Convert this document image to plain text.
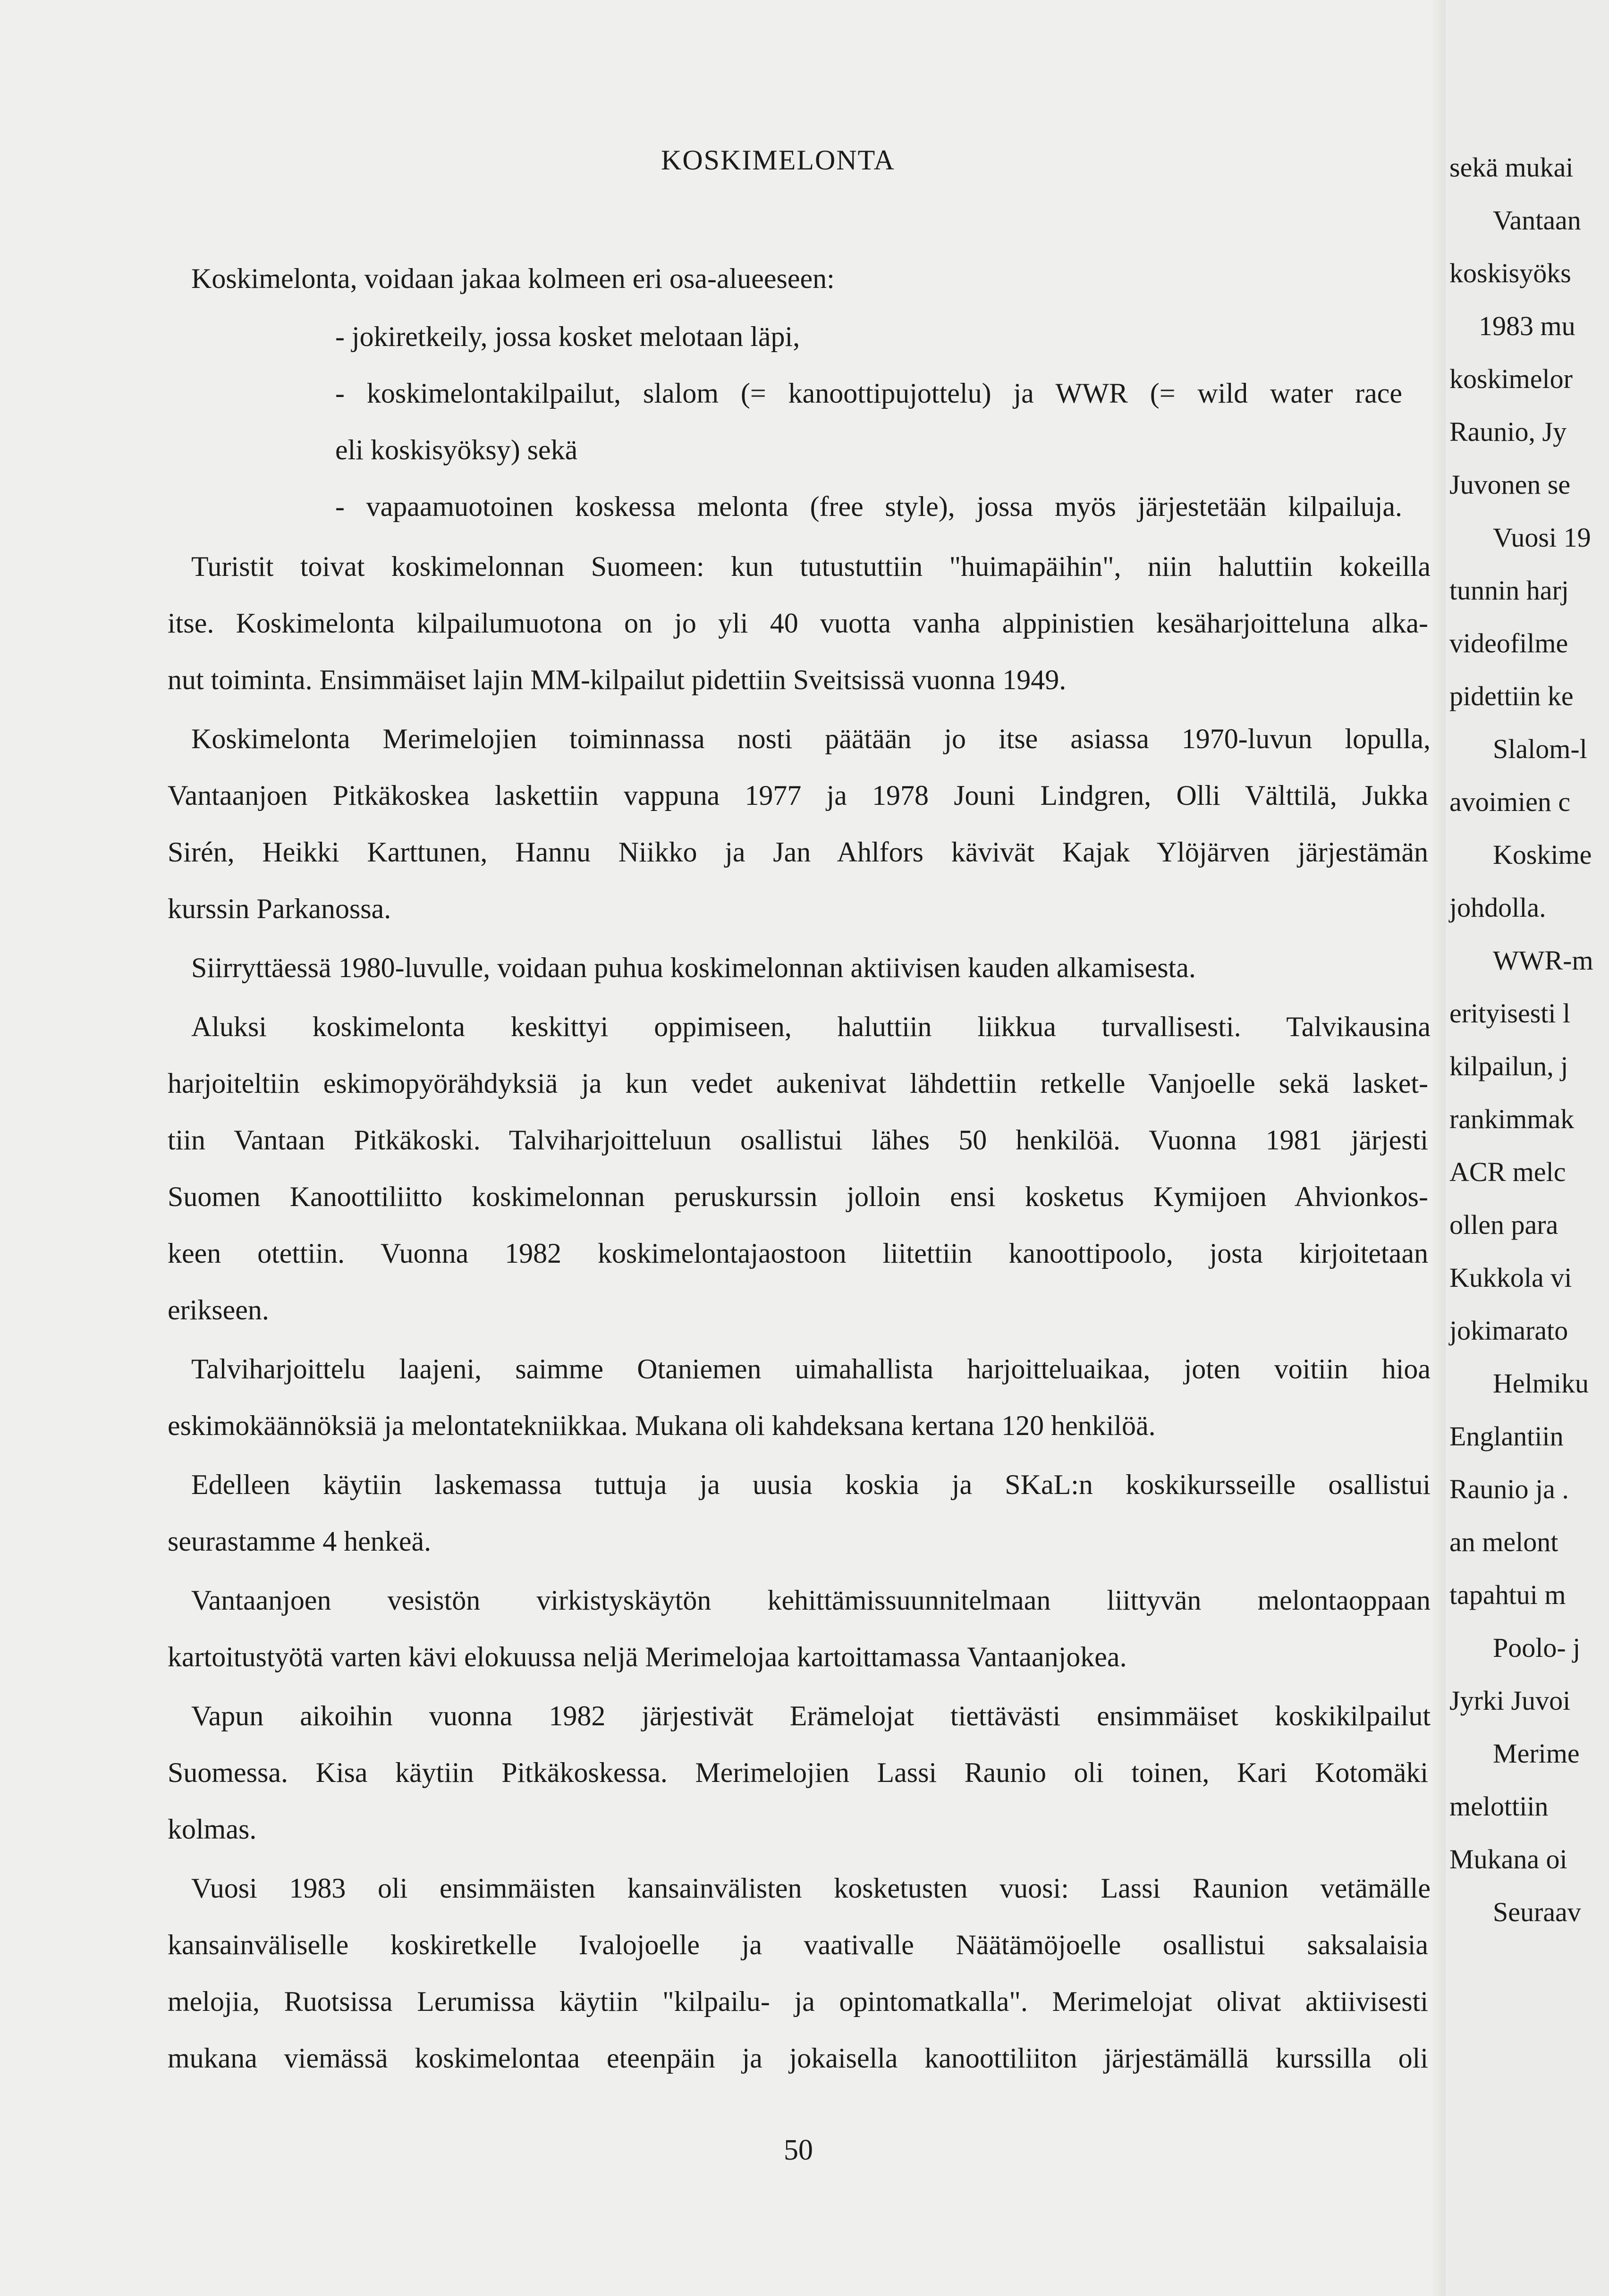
KOSKIMELONTA
Koskimelonta, voidaan jakaa kolmeen eri osa-alueeseen:
- jokiretkeily, jossa kosket melotaan läpi,
- koskimelontakilpailut, slalom (= kanoottipujottelu) ja WWR (= wild water race
eli koskisyöksy) sekä
- vapaamuotoinen koskessa melonta (free style), jossa myös järjestetään kilpailuja.
Turistit toivat koskimelonnan Suomeen: kun tutustuttiin "huimapäihin", niin haluttiin kokeilla
itse. Koskimelonta kilpailumuotona on jo yli 40 vuotta vanha alppinistien kesäharjoitteluna alka-
nut toiminta. Ensimmäiset lajin MM-kilpailut pidettiin Sveitsissä vuonna 1949.
Koskimelonta Merimelojien toiminnassa nosti päätään jo itse asiassa 1970-luvun lopulla,
Vantaanjoen Pitkäkoskea laskettiin vappuna 1977 ja 1978 Jouni Lindgren, Olli Välttilä, Jukka
Sirén, Heikki Karttunen, Hannu Niikko ja Jan Ahlfors kävivät Kajak Ylöjärven järjestämän
kurssin Parkanossa.
Siirryttäessä 1980-luvulle, voidaan puhua koskimelonnan aktiivisen kauden alkamisesta.
Aluksi koskimelonta keskittyi oppimiseen, haluttiin liikkua turvallisesti. Talvikausina
harjoiteltiin eskimopyörähdyksiä ja kun vedet aukenivat lähdettiin retkelle Vanjoelle sekä lasket-
tiin Vantaan Pitkäkoski. Talviharjoitteluun osallistui lähes 50 henkilöä. Vuonna 1981 järjesti
Suomen Kanoottiliitto koskimelonnan peruskurssin jolloin ensi kosketus Kymijoen Ahvionkos-
keen otettiin. Vuonna 1982 koskimelontajaostoon liitettiin kanoottipoolo, josta kirjoitetaan
erikseen.
Talviharjoittelu laajeni, saimme Otaniemen uimahallista harjoitteluaikaa, joten voitiin hioa
eskimokäännöksiä ja melontatekniikkaa. Mukana oli kahdeksana kertana 120 henkilöä.
Edelleen käytiin laskemassa tuttuja ja uusia koskia ja SKaL:n koskikursseille osallistui
seurastamme 4 henkeä.
Vantaanjoen vesistön virkistyskäytön kehittämissuunnitelmaan liittyvän melontaoppaan
kartoitustyötä varten kävi elokuussa neljä Merimelojaa kartoittamassa Vantaanjokea.
Vapun aikoihin vuonna 1982 järjestivät Erämelojat tiettävästi ensimmäiset koskikilpailut
Suomessa. Kisa käytiin Pitkäkoskessa. Merimelojien Lassi Raunio oli toinen, Kari Kotomäki
kolmas.
Vuosi 1983 oli ensimmäisten kansainvälisten kosketusten vuosi: Lassi Raunion vetämälle
kansainväliselle koskiretkelle Ivalojoelle ja vaativalle Näätämöjoelle osallistui saksalaisia
melojia, Ruotsissa Lerumissa käytiin "kilpailu- ja opintomatkalla". Merimelojat olivat aktiivisesti
mukana viemässä koskimelontaa eteenpäin ja jokaisella kanoottiliiton järjestämällä kurssilla oli
50
sekä mukai
Vantaan
koskisyöks
1983 mu
koskimelor
Raunio, Jy
Juvonen se
Vuosi 19
tunnin harj
videofilme
pidettiin ke
Slalom-l
avoimien c
Koskime
johdolla.
WWR-m
erityisesti l
kilpailun, j
rankimmak
ACR melc
ollen para
Kukkola vi
jokimarato
Helmiku
Englantiin
Raunio ja .
an melont
tapahtui m
Poolo- j
Jyrki Juvoi
Merime
melottiin
Mukana oi
Seuraav
